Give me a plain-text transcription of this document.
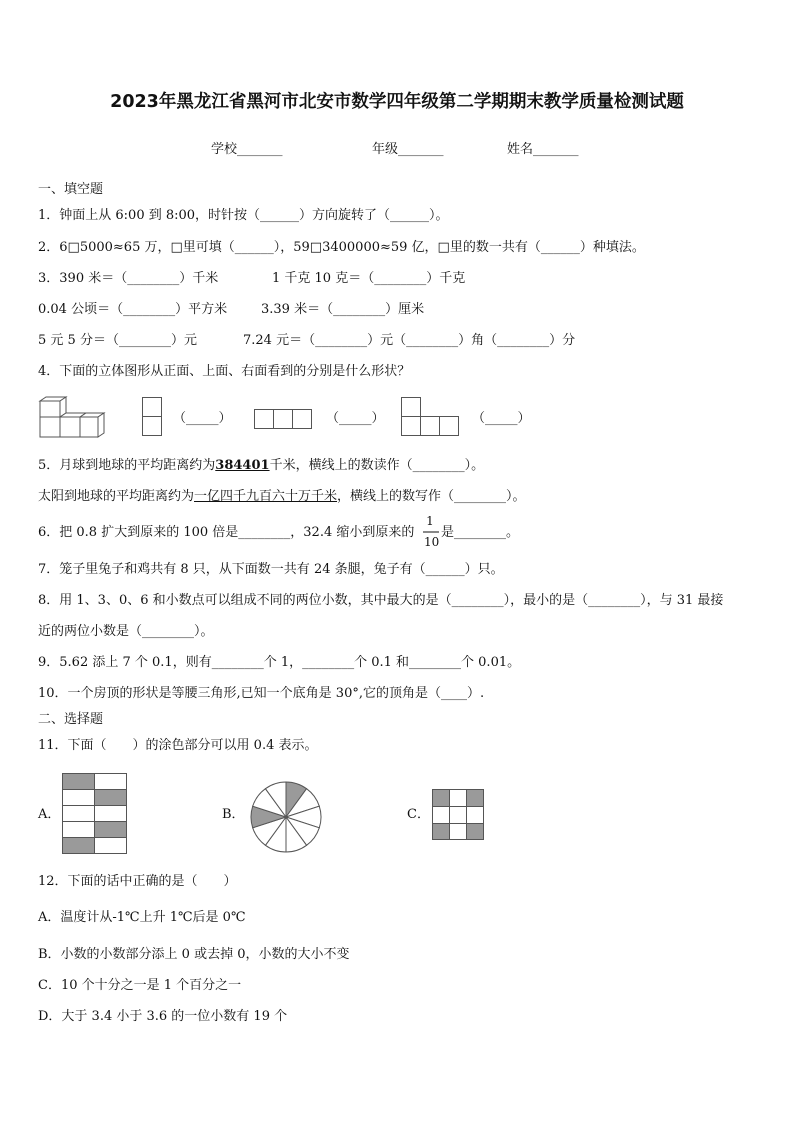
2023年黑龙江省黑河市北安市数学四年级第二学期期末教学质量检测试题
学校_______	年级_______	姓名_______
一、填空题
1．钟面上从 6:00 到 8:00，时针按（______）方向旋转了（______）。
2．6□5000≈65 万，□里可填（______），59□3400000≈59 亿，□里的数一共有（______）种填法。
3．390 米＝（________）千米	1 千克 10 克＝（________）千克
0.04 公顷＝（________）平方米	3.39 米＝（________）厘米
5 元 5 分＝（________）元	7.24 元＝（________）元（________）角（________）分
4．下面的立体图形从正面、上面、右面看到的分别是什么形状？
（_____）	（_____）	（_____）
5．月球到地球的平均距离约为384401千米，横线上的数读作（________）。
太阳到地球的平均距离约为一亿四千九百六十万千米，横线上的数写作（________）。
6．把 0.8 扩大到原来的 100 倍是________，32.4 缩小到原来的
1
10
是________。
7．笼子里兔子和鸡共有 8 只，从下面数一共有 24 条腿，兔子有（______）只。
8．用 1、3、0、6 和小数点可以组成不同的两位小数，其中最大的是（________），最小的是（________），与 31 最接
近的两位小数是（________）。
9．5.62 添上 7 个 0.1，则有________个 1，________个 0.1 和________个 0.01。
10．一个房顶的形状是等腰三角形,已知一个底角是 30°,它的顶角是（____）.
二、选择题
11．下面（　　）的涂色部分可以用 0.4 表示。
A．	B．	C．
12．下面的话中正确的是（　　）
A．温度计从-1℃上升 1℃后是 0℃
B．小数的小数部分添上 0 或去掉 0，小数的大小不变
C．10 个十分之一是 1 个百分之一
D．大于 3.4 小于 3.6 的一位小数有 19 个
